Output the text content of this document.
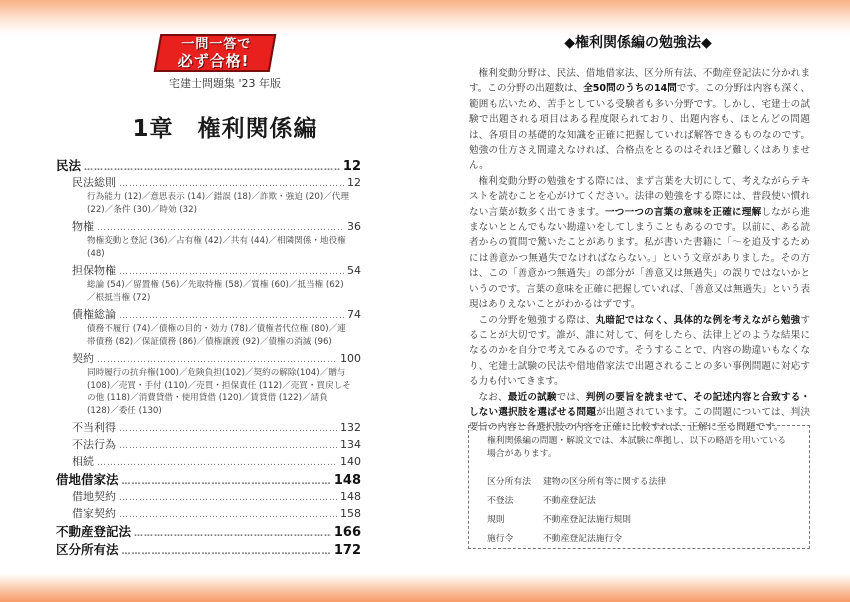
一問一答で
必ず合格!
宅建士問題集 '23 年版
1章　権利関係編
民法 …………………………………………………………………………………………………………………………………………………………	12
民法総則 …………………………………………………………………………………………………………………………………………………………	12
行為能力 (12)／意思表示 (14)／錯誤 (18)／詐欺・強迫 (20)／代理 (22)／条件 (30)／時効 (32)
物権 …………………………………………………………………………………………………………………………………………………………	36
物権変動と登記 (36)／占有権 (42)／共有 (44)／相隣関係・地役権 (48)
担保物権 …………………………………………………………………………………………………………………………………………………………	54
総論 (54)／留置権 (56)／先取特権 (58)／質権 (60)／抵当権 (62)／根抵当権 (72)
債権総論 …………………………………………………………………………………………………………………………………………………………	74
債務不履行 (74)／債権の目的・効力 (78)／債権者代位権 (80)／連帯債務 (82)／保証債務 (86)／債権譲渡 (92)／債権の消滅 (96)
契約 …………………………………………………………………………………………………………………………………………………………	100
同時履行の抗弁権(100)／危険負担(102)／契約の解除(104)／贈与(108)／売買・手付 (110)／売買・担保責任 (112)／売買・買戻しその他 (118)／消費貸借・使用貸借 (120)／賃貸借 (122)／請負 (128)／委任 (130)
不当利得 …………………………………………………………………………………………………………………………………………………………	132
不法行為 …………………………………………………………………………………………………………………………………………………………	134
相続 …………………………………………………………………………………………………………………………………………………………	140
借地借家法 …………………………………………………………………………………………………………………………………………………………	148
借地契約 …………………………………………………………………………………………………………………………………………………………	148
借家契約 …………………………………………………………………………………………………………………………………………………………	158
不動産登記法 …………………………………………………………………………………………………………………………………………………………	166
区分所有法 …………………………………………………………………………………………………………………………………………………………	172
◆権利関係編の勉強法◆

権利変動分野は、民法、借地借家法、区分所有法、不動産登記法に分かれます。この分野の出題数は、全50問のうちの14問です。この分野は内容も深く、範囲も広いため、苦手としている受験者も多い分野です。しかし、宅建士の試験で出題される項目はある程度限られており、出題内容も、ほとんどの問題は、各項目の基礎的な知識を正確に把握していれば解答できるものなのです。勉強の仕方さえ間違えなければ、合格点をとるのはそれほど難しくはありません。

権利変動分野の勉強をする際には、まず言葉を大切にして、考えながらテキストを読むことを心がけてください。法律の勉強をする際には、普段使い慣れない言葉が数多く出てきます。一つ一つの言葉の意味を正確に理解しながら進まないととんでもない勘違いをしてしまうこともあるのです。以前に、ある読者からの質問で驚いたことがあります。私が書いた書籍に「～を追及するためには善意かつ無過失でなければならない。」という文章がありました。その方は、この「善意かつ無過失」の部分が「善意又は無過失」の誤りではないかというのです。言葉の意味を正確に把握していれば、「善意又は無過失」という表現はありえないことがわかるはずです。

この分野を勉強する際は、丸暗記ではなく、具体的な例を考えながら勉強することが大切です。誰が、誰に対して、何をしたら、法律上どのような結果になるのかを自分で考えてみるのです。そうすることで、内容の勘違いもなくなり、宅建士試験の民法や借地借家法で出題されることの多い事例問題に対応する力も付いてきます。

なお、最近の試験では、判例の要旨を読ませて、その記述内容と合致する・しない選択肢を選ばせる問題が出題されています。この問題については、判決要旨の内容と各選択肢の内容を正確に比較すれば、正解に至る問題です。

権利関係編の問題・解説文では、本試験に準拠し、以下の略語を用いている場合があります。
区分所有法	建物の区分所有等に関する法律
不登法	不動産登記法
規則	不動産登記法施行規則
施行令	不動産登記法施行令
